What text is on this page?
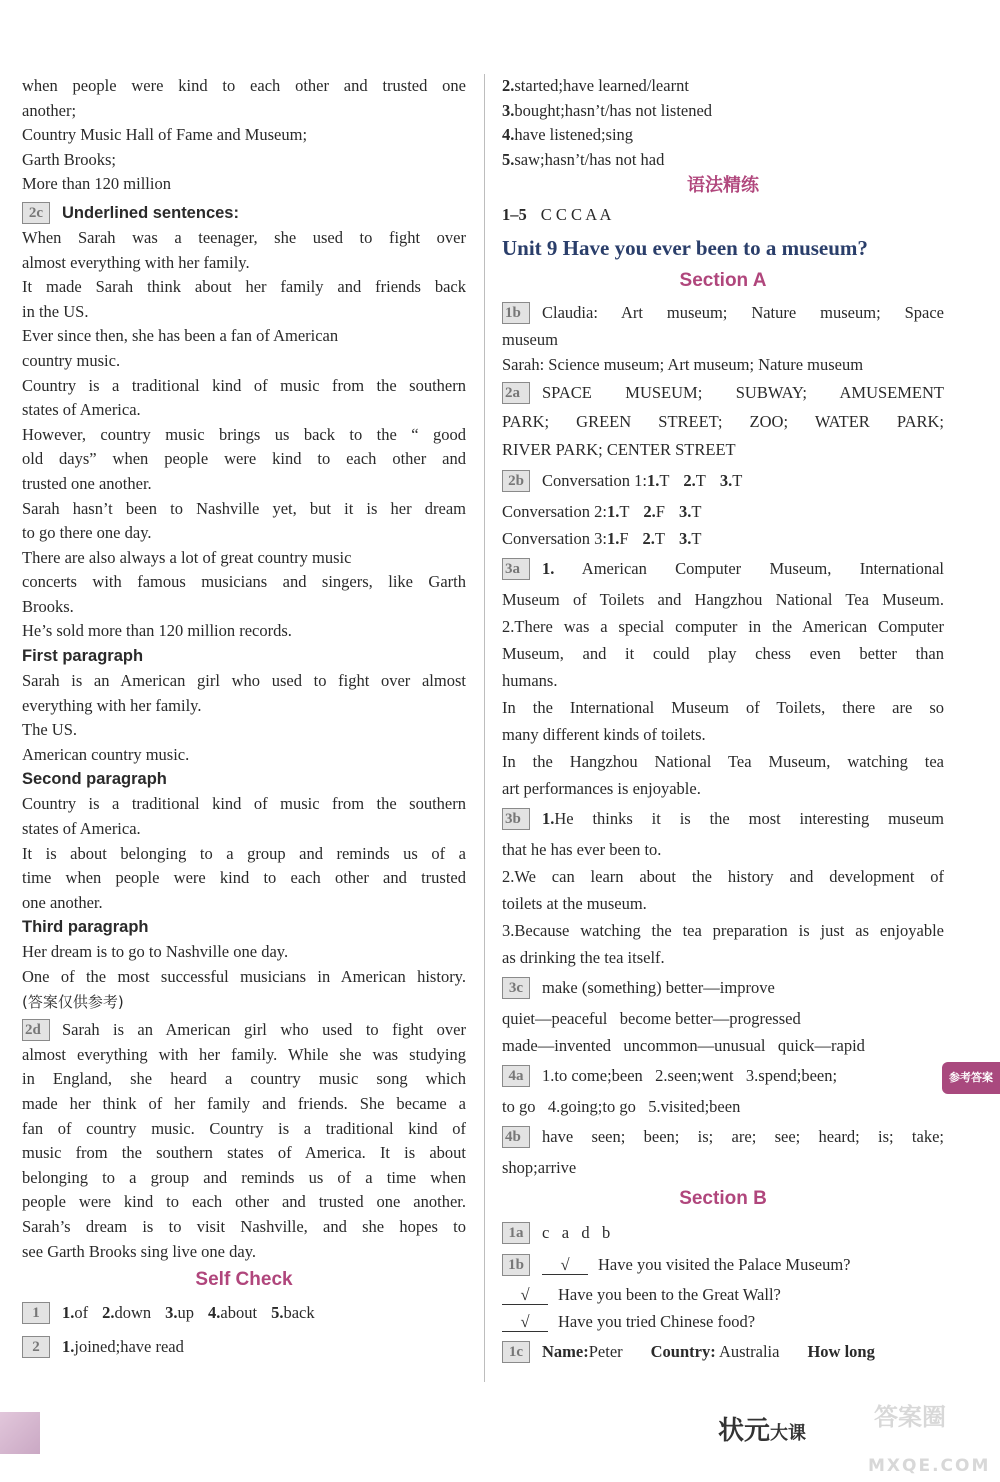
when people were kind to each other and trusted one
another;
Country Music Hall of Fame and Museum;
Garth Brooks;
More than 120 million
2c Underlined sentences:
When Sarah was a teenager, she used to fight over
almost everything with her family.
It made Sarah think about her family and friends back
in the US.
Ever since then, she has been a fan of American
country music.
Country is a traditional kind of music from the southern
states of America.
However, country music brings us back to the “ good
old days” when people were kind to each other and
trusted one another.
Sarah hasn’t been to Nashville yet, but it is her dream
to go there one day.
There are also always a lot of great country music
concerts with famous musicians and singers, like Garth
Brooks.
He’s sold more than 120 million records.
First paragraph
Sarah is an American girl who used to fight over almost
everything with her family.
The US.
American country music.
Second paragraph
Country is a traditional kind of music from the southern
states of America.
It is about belonging to a group and reminds us of a
time when people were kind to each other and trusted
one another.
Third paragraph
Her dream is to go to Nashville one day.
One of the most successful musicians in American history.
(答案仅供参考)
2d Sarah is an American girl who used to fight over
almost everything with her family. While she was studying
in England, she heard a country music song which
made her think of her family and friends. She became a
fan of country music. Country is a traditional kind of
music from the southern states of America. It is about
belonging to a group and reminds us of a time when
people were kind to each other and trusted one another.
Sarah’s dream is to visit Nashville, and she hopes to
see Garth Brooks sing live one day.
Self Check
1 1.of 2.down 3.up 4.about 5.back
2 1.joined;have read
2.started;have learned/learnt
3.bought;hasn’t/has not listened
4.have listened;sing
5.saw;hasn’t/has not had
语法精练
1–5 C C C A A
Unit 9 Have you ever been to a museum?
Section A
1b Claudia: Art museum; Nature museum; Space
museum
Sarah: Science museum; Art museum; Nature museum
2a SPACE MUSEUM; SUBWAY; AMUSEMENT
PARK; GREEN STREET; ZOO; WATER PARK;
RIVER PARK; CENTER STREET
2b Conversation 1:1.T 2.T 3.T
Conversation 2:1.T 2.F 3.T
Conversation 3:1.F 2.T 3.T
3a 1. American Computer Museum, International
Museum of Toilets and Hangzhou National Tea Museum.
2.There was a special computer in the American Computer
Museum, and it could play chess even better than
humans.
In the International Museum of Toilets, there are so
many different kinds of toilets.
In the Hangzhou National Tea Museum, watching tea
art performances is enjoyable.
3b 1.He thinks it is the most interesting museum
that he has ever been to.
2.We can learn about the history and development of
toilets at the museum.
3.Because watching the tea preparation is just as enjoyable
as drinking the tea itself.
3c make (something) better—improve
quiet—peaceful   become better—progressed
made—invented   uncommon—unusual   quick—rapid
4a 1.to come;been   2.seen;went   3.spend;been;
to go   4.going;to go   5.visited;been
4b have seen; been; is; are; see; heard; is; take;
shop;arrive
Section B
1a c   a   d   b
1b √ Have you visited the Palace Museum?
√ Have you been to the Great Wall?
√ Have you tried Chinese food?
1c Name:Peter Country: Australia How long
参考答案
状元大课
答案圈
MXQE.COM
